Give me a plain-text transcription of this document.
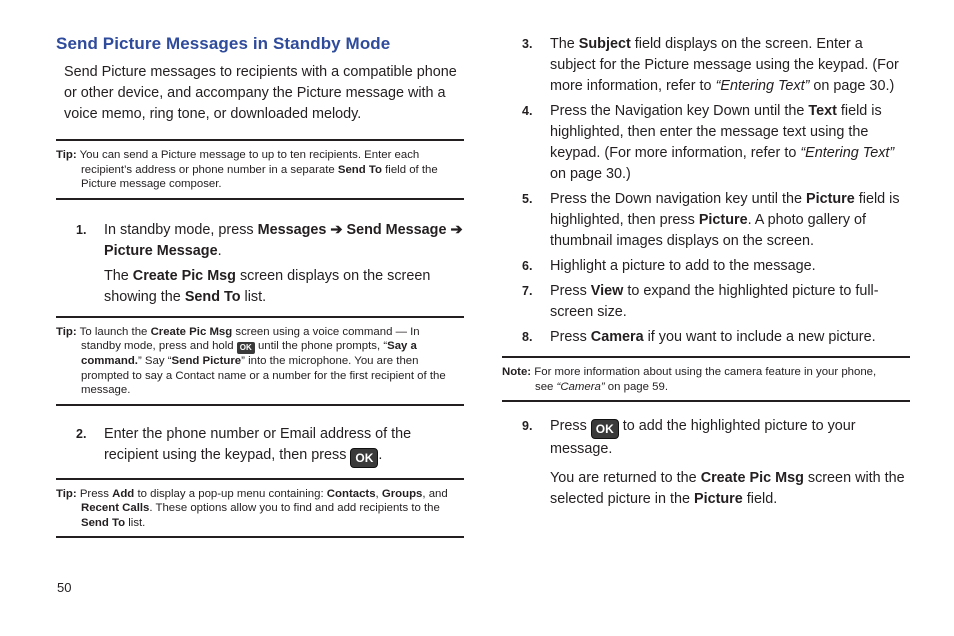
Send Picture Messages in Standby Mode

Send Picture messages to recipients with a compatible phone or other device, and accompany the Picture message with a voice memo, ring tone, or downloaded melody.

Tip: You can send a Picture message to up to ten recipients. Enter each
recipient’s address or phone number in a separate Send To field of the Picture message composer.
1. In standby mode, press Messages ➔ Send Message ➔ Picture Message.

The Create Pic Msg screen displays on the screen showing the Send To list.

Tip: To launch the Create Pic Msg screen using a voice command — In
standby mode, press and hold OK until the phone prompts, “Say a command.” Say “Send Picture” into the microphone. You are then prompted to say a Contact name or a number for the first recipient of the message.
2. Enter the phone number or Email address of the recipient using the keypad, then press OK .

Tip: Press Add to display a pop-up menu containing: Contacts, Groups, and
Recent Calls. These options allow you to find and add recipients to the Send To list.
3. The Subject field displays on the screen. Enter a subject for the Picture message using the keypad. (For more information, refer to “Entering Text” on page 30.)

4. Press the Navigation key Down until the Text field is highlighted, then enter the message text using the keypad. (For more information, refer to “Entering Text” on page 30.)

5. Press the Down navigation key until the Picture field is highlighted, then press Picture. A photo gallery of thumbnail images displays on the screen.

6. Highlight a picture to add to the message.

7. Press View to expand the highlighted picture to full-screen size.

8. Press Camera if you want to include a new picture.

Note: For more information about using the camera feature in your phone,
see “Camera” on page 59.
9. Press OK to add the highlighted picture to your message.

You are returned to the Create Pic Msg screen with the selected picture in the Picture field.

50
